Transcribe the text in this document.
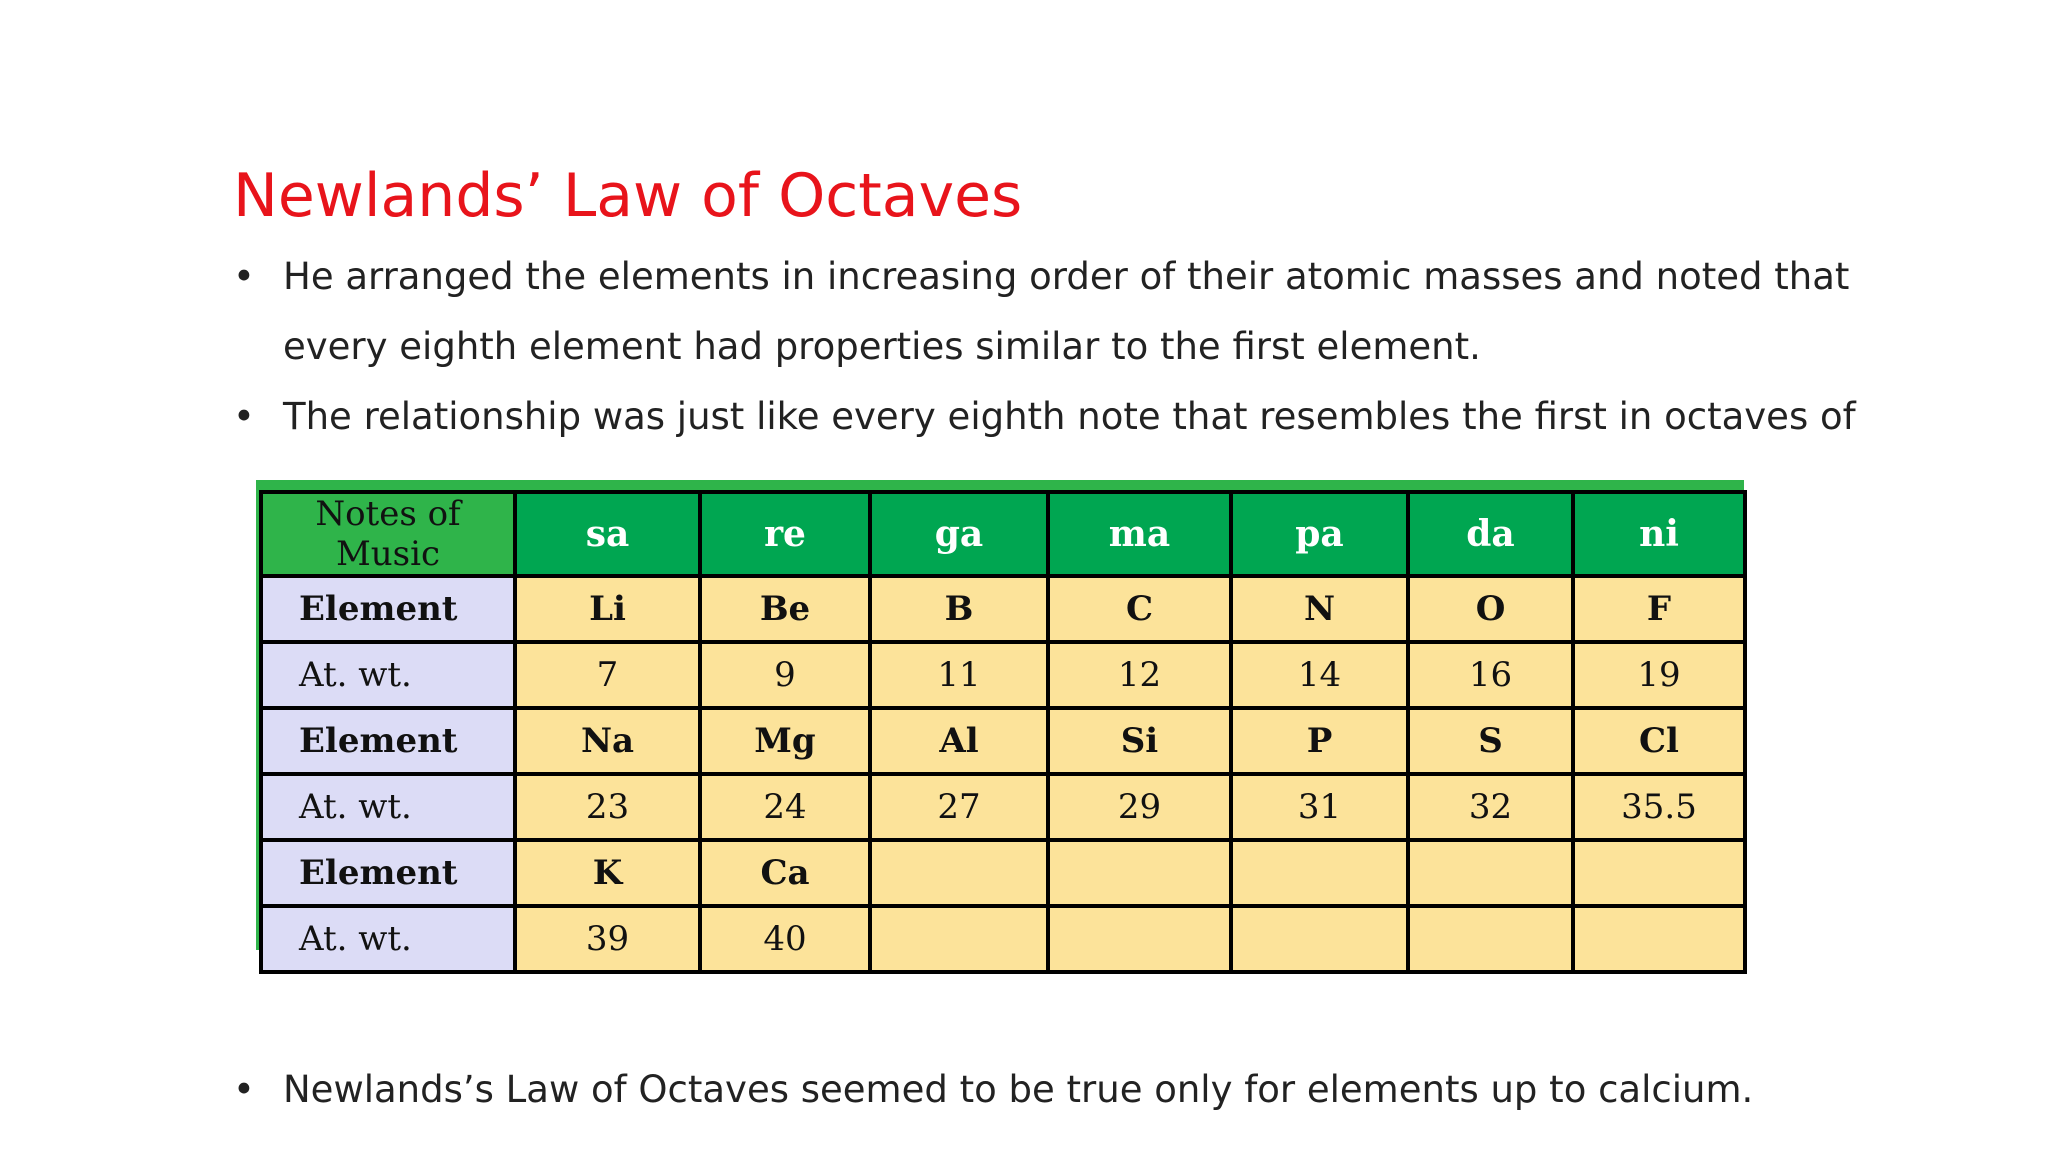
Newlands’ Law of Octaves
• He arranged the elements in increasing order of their atomic masses and noted that every eighth element had properties similar to the first element.
• The relationship was just like every eighth note that resembles the first in octaves of
Notes of Music	sa	re	ga	ma	pa	da	ni
Element	Li	Be	B	C	N	O	F
At. wt.	7	9	11	12	14	16	19
Element	Na	Mg	Al	Si	P	S	Cl
At. wt.	23	24	27	29	31	32	35.5
Element	K	Ca					
At. wt.	39	40					
• Newlands’s Law of Octaves seemed to be true only for elements up to calcium.
